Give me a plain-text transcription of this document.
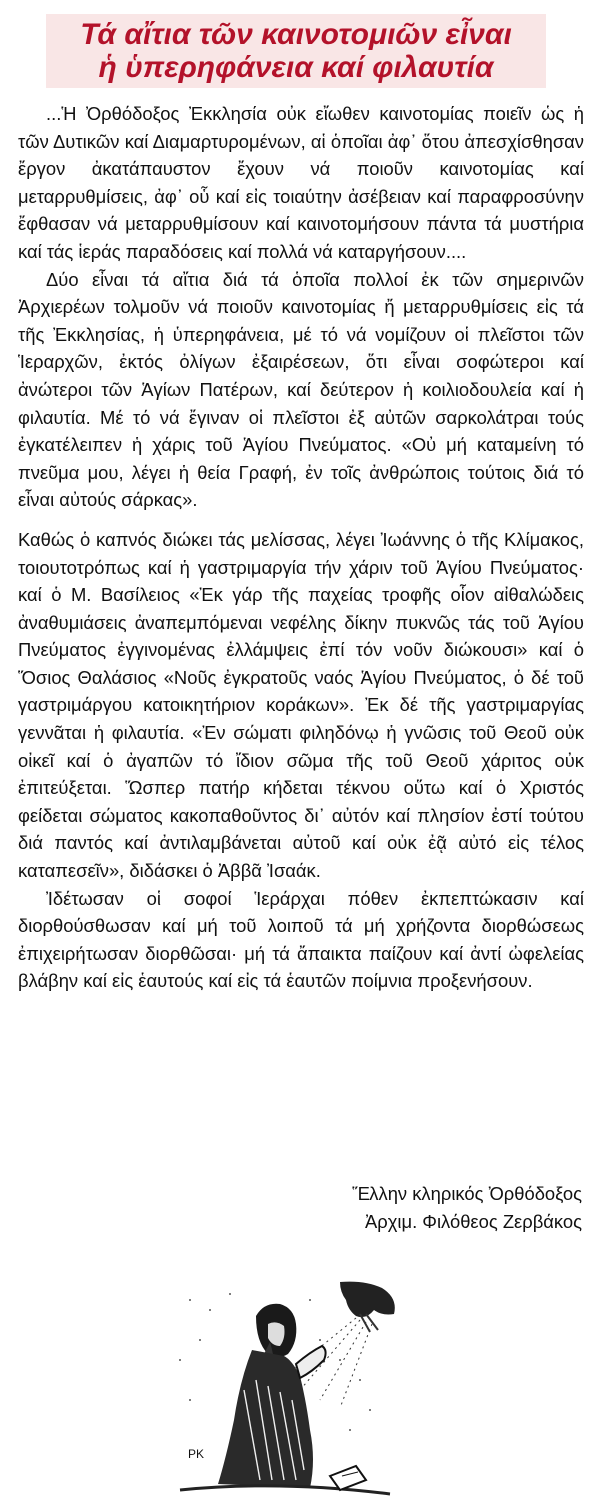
Τά αἴτια τῶν καινοτομιῶν εἶναι
ἡ ὑπερηφάνεια καί φιλαυτία

...Ἡ Ὀρθόδοξος Ἐκκλησία οὐκ εἴωθεν καινοτομίας ποιεῖν ὡς ἡ τῶν Δυτικῶν καί Διαμαρτυρομένων, αἱ ὁποῖαι ἀφ᾽ ὅτου ἀπεσχίσθησαν ἔργον ἀκατάπαυστον ἔχουν νά ποιοῦν καινοτομίας καί μεταρρυθμίσεις, ἀφ᾽ οὗ καί εἰς τοιαύτην ἀσέβειαν καί παραφροσύνην ἔφθασαν νά μεταρρυθμίσουν καί καινοτομήσουν πάντα τά μυστήρια καί τάς ἱεράς παραδόσεις καί πολλά νά καταργήσουν....

Δύο εἶναι τά αἴτια διά τά ὁποῖα πολλοί ἐκ τῶν σημερινῶν Ἀρχιερέων τολμοῦν νά ποιοῦν καινοτομίας ἤ μεταρρυθμίσεις εἰς τά τῆς Ἐκκλησίας, ἡ ὑπερηφάνεια, μέ τό νά νομίζουν οἱ πλεῖστοι τῶν Ἱεραρχῶν, ἐκτός ὀλίγων ἐξαιρέσεων, ὅτι εἶναι σοφώτεροι καί ἀνώτεροι τῶν Ἁγίων Πατέρων, καί δεύτερον ἡ κοιλιοδουλεία καί ἡ φιλαυτία. Μέ τό νά ἔγιναν οἱ πλεῖστοι ἐξ αὐτῶν σαρκολάτραι τούς ἐγκατέλειπεν ἡ χάρις τοῦ Ἁγίου Πνεύματος. «Οὐ μή καταμείνη τό πνεῦμα μου, λέγει ἡ θεία Γραφή, ἐν τοῖς ἀνθρώποις τούτοις διά τό εἶναι αὐτούς σάρκας».

Καθώς ὁ καπνός διώκει τάς μελίσσας, λέγει Ἰωάννης ὁ τῆς Κλίμακος, τοιουτοτρόπως καί ἡ γαστριμαργία τήν χάριν τοῦ Ἁγίου Πνεύματος· καί ὁ Μ. Βασίλειος «Ἐκ γάρ τῆς παχείας τροφῆς οἷον αἰθαλώδεις ἀναθυμιάσεις ἀναπεμπόμεναι νεφέλης δίκην πυκνῶς τάς τοῦ Ἁγίου Πνεύματος ἐγγινομένας ἐλλάμψεις ἐπί τόν νοῦν διώκουσι» καί ὁ Ὅσιος Θαλάσιος «Νοῦς ἐγκρατοῦς ναός Ἁγίου Πνεύματος, ὁ δέ τοῦ γαστριμάργου κατοικητήριον κοράκων». Ἐκ δέ τῆς γαστριμαργίας γεννᾶται ἡ φιλαυτία. «Ἐν σώματι φιληδόνῳ ἡ γνῶσις τοῦ Θεοῦ οὐκ οἰκεῖ καί ὁ ἀγαπῶν τό ἴδιον σῶμα τῆς τοῦ Θεοῦ χάριτος οὐκ ἐπιτεύξεται. Ὥσπερ πατήρ κήδεται τέκνου οὕτω καί ὁ Χριστός φείδεται σώματος κακοπαθοῦντος δι᾽ αὐτόν καί πλησίον ἐστί τούτου διά παντός καί ἀντιλαμβάνεται αὐτοῦ καί οὐκ ἐᾷ αὐτό εἰς τέλος καταπεσεῖν», διδάσκει ὁ Ἀββᾶ Ἰσαάκ.

Ἰδέτωσαν οἱ σοφοί Ἱεράρχαι πόθεν ἐκπεπτώκασιν καί διορθούσθωσαν καί μή τοῦ λοιποῦ τά μή χρήζοντα διορθώσεως ἐπιχειρήτωσαν διορθῶσαι· μή τά ἄπαικτα παίζουν καί ἀντί ὠφελείας βλάβην καί εἰς ἑαυτούς καί εἰς τά ἑαυτῶν ποίμνια προξενήσουν.

Ἕλλην κληρικός Ὀρθόδοξος
Ἀρχιμ. Φιλόθεος Ζερβάκος
PK
